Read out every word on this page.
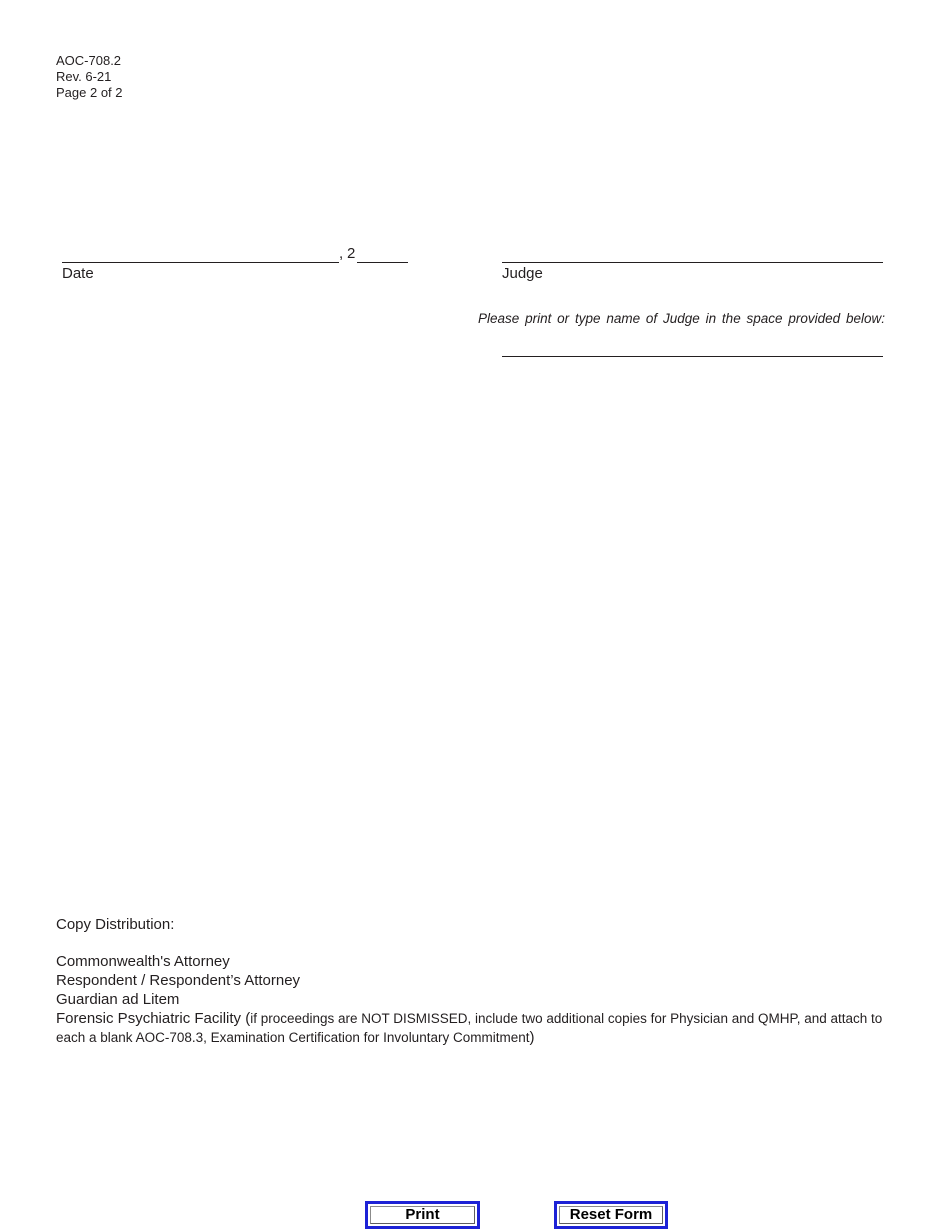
AOC-708.2
Rev. 6-21
Page 2 of 2
, 2
Date	Judge
Please print or type name of Judge in the space provided below:
Copy Distribution:
Commonwealth's Attorney
Respondent / Respondent’s Attorney
Guardian ad Litem
Forensic Psychiatric Facility (if proceedings are NOT DISMISSED, include two additional copies for Physician and QMHP, and attach to each a blank AOC-708.3, Examination Certification for Involuntary Commitment)
Print	Reset Form
